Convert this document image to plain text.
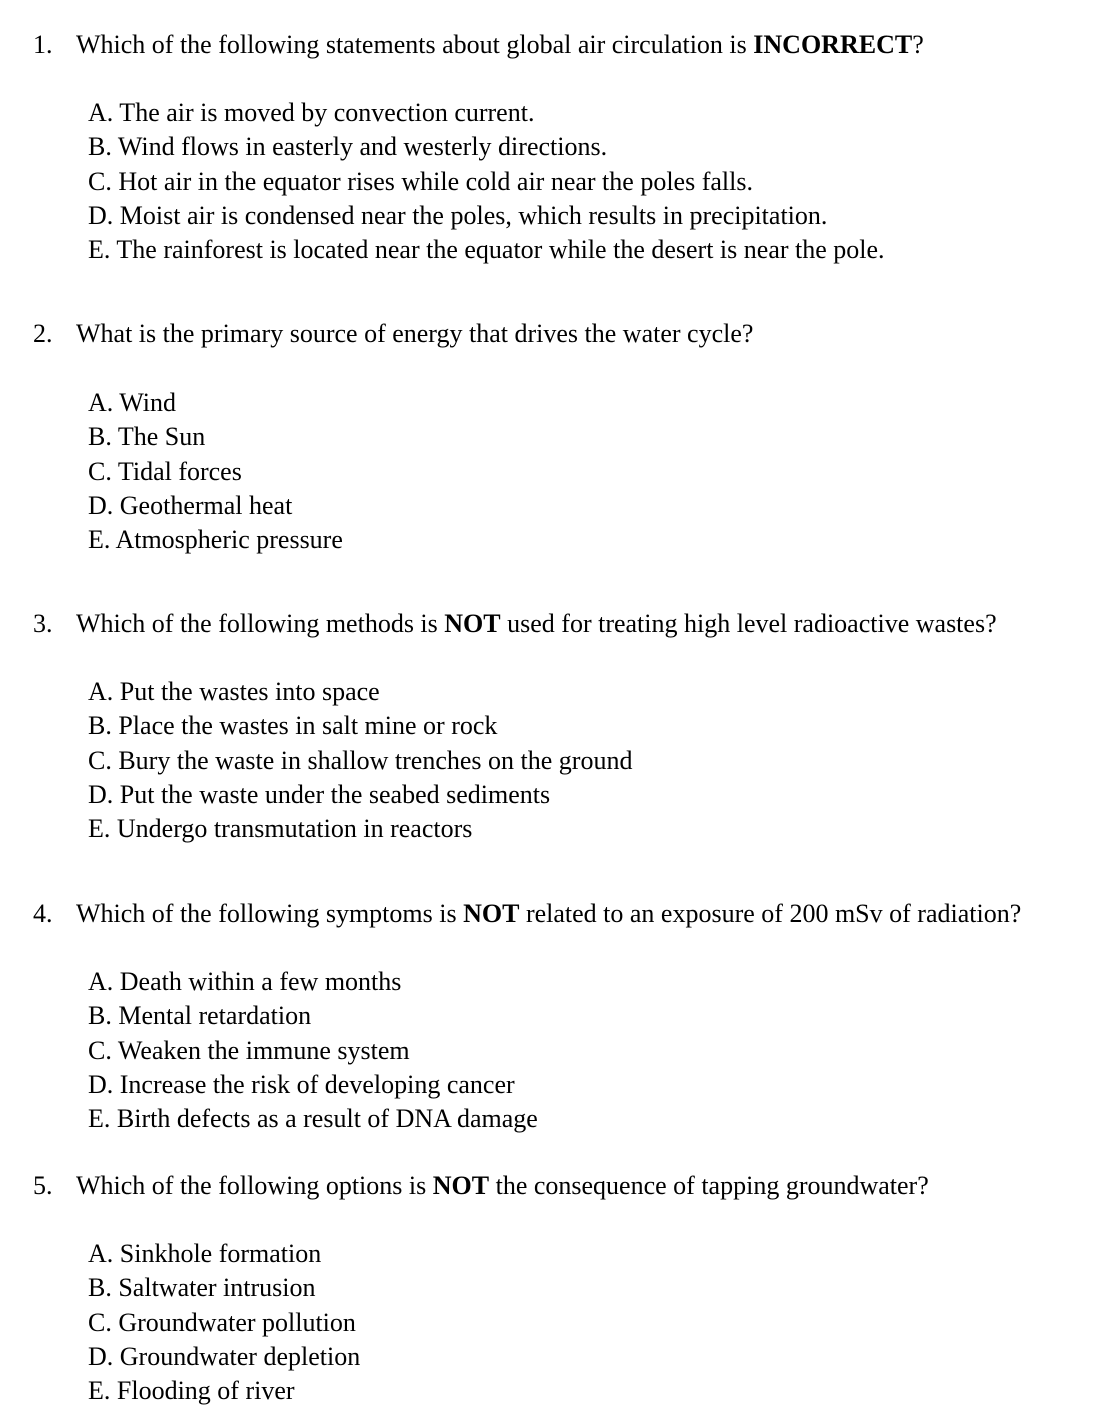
1. Which of the following statements about global air circulation is INCORRECT?
A. The air is moved by convection current.
B. Wind flows in easterly and westerly directions.
C. Hot air in the equator rises while cold air near the poles falls.
D. Moist air is condensed near the poles, which results in precipitation.
E. The rainforest is located near the equator while the desert is near the pole.
2. What is the primary source of energy that drives the water cycle?
A. Wind
B. The Sun
C. Tidal forces
D. Geothermal heat
E. Atmospheric pressure
3. Which of the following methods is NOT used for treating high level radioactive wastes?
A. Put the wastes into space
B. Place the wastes in salt mine or rock
C. Bury the waste in shallow trenches on the ground
D. Put the waste under the seabed sediments
E. Undergo transmutation in reactors
4. Which of the following symptoms is NOT related to an exposure of 200 mSv of radiation?
A. Death within a few months
B. Mental retardation
C. Weaken the immune system
D. Increase the risk of developing cancer
E. Birth defects as a result of DNA damage
5. Which of the following options is NOT the consequence of tapping groundwater?
A. Sinkhole formation
B. Saltwater intrusion
C. Groundwater pollution
D. Groundwater depletion
E. Flooding of river
